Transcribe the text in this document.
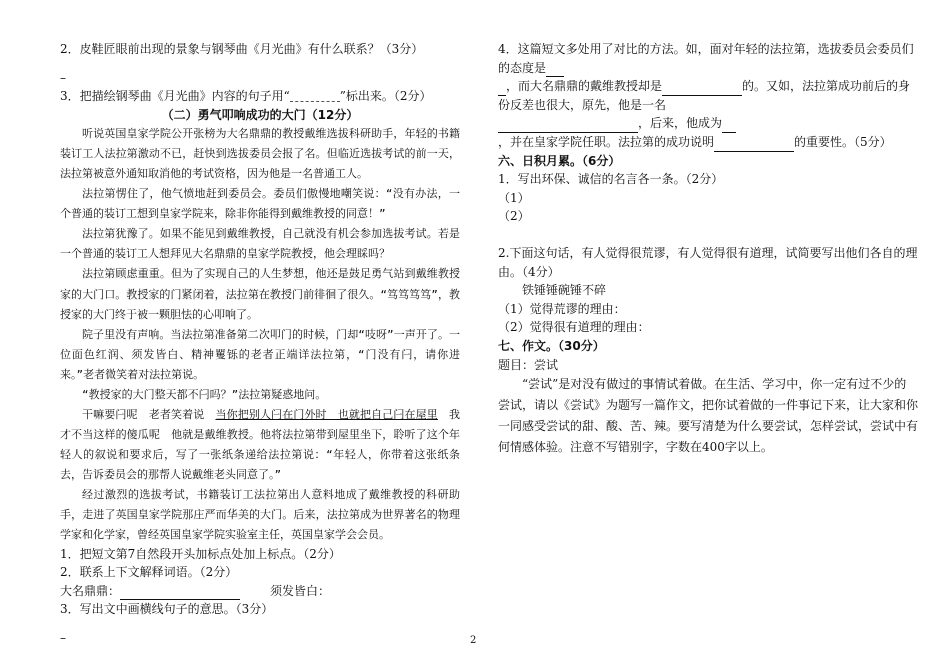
2．皮鞋匠眼前出现的景象与钢琴曲《月光曲》有什么联系？（3分）

–

3．把描绘钢琴曲《月光曲》内容的句子用“	”标出来。（2分）

（二）勇气叩响成功的大门（12分）

听说英国皇家学院公开张榜为大名鼎鼎的教授戴维选拔科研助手，年轻的书籍装订工人法拉第激动不已，赶快到选拔委员会报了名。但临近选拔考试的前一天，法拉第被意外通知取消他的考试资格，因为他是一名普通工人。

法拉第愣住了，他气愤地赶到委员会。委员们傲慢地嘲笑说：“没有办法，一个普通的装订工想到皇家学院来，除非你能得到戴维教授的同意！”

法拉第犹豫了。如果不能见到戴维教授，自己就没有机会参加选拔考试。若是一个普通的装订工人想拜见大名鼎鼎的皇家学院教授，他会理睬吗？

法拉第顾虑重重。但为了实现自己的人生梦想，他还是鼓足勇气站到戴维教授家的大门口。教授家的门紧闭着，法拉第在教授门前徘徊了很久。“笃笃笃笃”，教授家的大门终于被一颗胆怯的心叩响了。

院子里没有声响。当法拉第准备第二次叩门的时候，门却“吱呀”一声开了。一位面色红润、须发皆白、精神矍铄的老者正端详法拉第，“门没有闩，请你进来。”老者微笑着对法拉第说。

“教授家的大门整天都不闩吗？”法拉第疑惑地问。

干嘛要闩呢　老者笑着说　当你把别人闩在门外时　也就把自己闩在屋里　我才不当这样的傻瓜呢　他就是戴维教授。他将法拉第带到屋里坐下，聆听了这个年轻人的叙说和要求后，写了一张纸条递给法拉第说：“年轻人，你带着这张纸条去，告诉委员会的那帮人说戴维老头同意了。”

经过激烈的选拔考试，书籍装订工法拉第出人意料地成了戴维教授的科研助手，走进了英国皇家学院那庄严而华美的大门。后来，法拉第成为世界著名的物理学家和化学家，曾经英国皇家学院实验室主任，英国皇家学会会员。

1．把短文第7自然段开头加标点处加上标点。（2分）

2．联系上下文解释词语。（2分）

大名鼎鼎：	须发皆白：

3．写出文中画横线句子的意思。（3分）

–

4．这篇短文多处用了对比的方法。如，面对年轻的法拉第，选拔委员会委员们的态度是
，而大名鼎鼎的戴维教授却是	的。又如，法拉第成功前后的身份反差也很大，原先，他是一名
，后来，他成为
，并在皇家学院任职。法拉第的成功说明	的重要性。（5分）

六、日积月累。（6分）

1．写出环保、诚信的名言各一条。（2分）

（1）

（2）

2.下面这句话，有人觉得很荒谬，有人觉得很有道理，试简要写出他们各自的理由。（4分）

铁锤锤碗锤不碎

（1）觉得荒谬的理由：

（2）觉得很有道理的理由：

七、作文。（30分）

题目：尝试

“尝试”是对没有做过的事情试着做。在生活、学习中，你一定有过不少的尝试，请以《尝试》为题写一篇作文，把你试着做的一件事记下来，让大家和你一同感受尝试的甜、酸、苦、辣。要写清楚为什么要尝试，怎样尝试，尝试中有何情感体验。注意不写错别字，字数在400字以上。

2
